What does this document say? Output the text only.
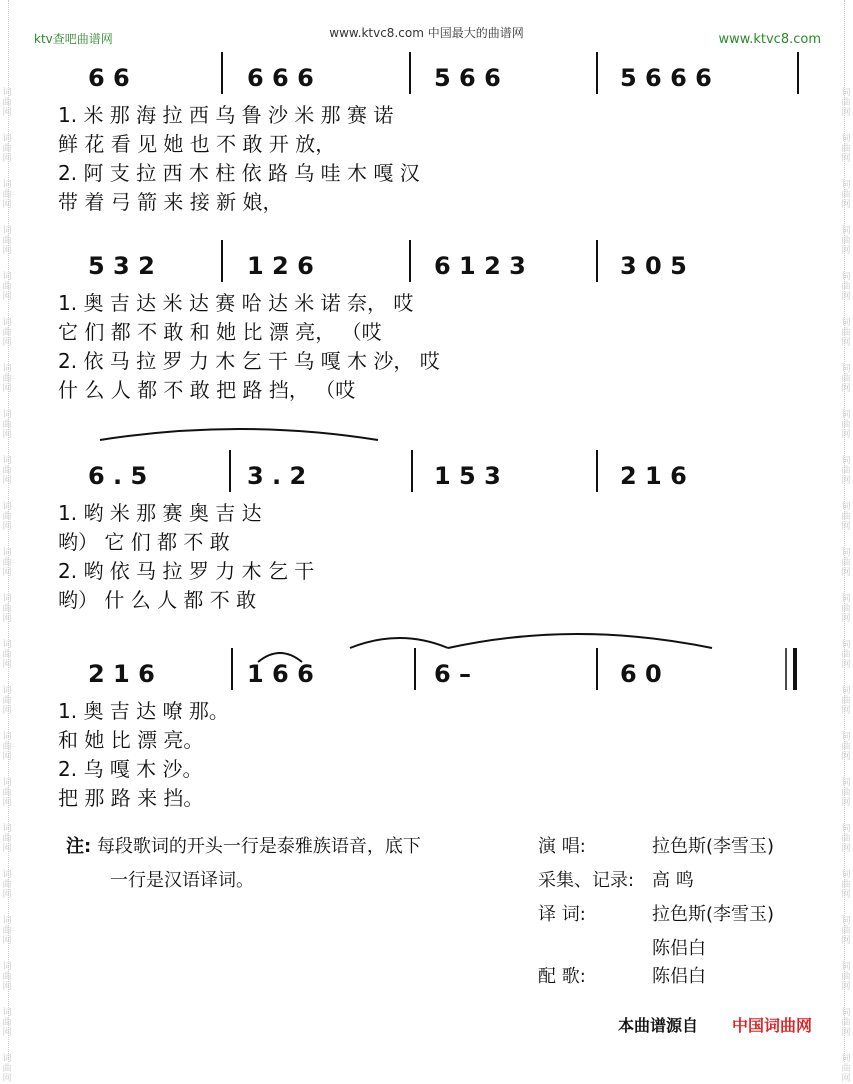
词
曲
网
词
曲
网
词
曲
网
词
曲
网
词
曲
网
词
曲
网
词
曲
网
词
曲
网
词
曲
网
词
曲
网
词
曲
网
词
曲
网
词
曲
网
词
曲
网
词
曲
网
词
曲
网
词
曲
网
词
曲
网
词
曲
网
词
曲
网
词
曲
网
词
曲
网
词
曲
网
词
曲
网
词
曲
网
词
曲
网
词
曲
网
词
曲
网
词
曲
网
词
曲
网
词
曲
网
词
曲
网
词
曲
网
词
曲
网
词
曲
网
词
曲
网
词
曲
网
词
曲
网
词
曲
网
词
曲
网
词
曲
网
词
曲
网
词
曲
网
词
曲
网
ktv查吧曲谱网	www.ktvc8.com 中国最大的曲谱网	www.ktvc8.com
6 6	6 6 6	5 6 6	5 6 6 6
1. 米 那 海 拉 西 乌 鲁 沙 米 那 赛 诺
鲜 花 看 见 她 也 不 敢 开 放，
2. 阿 支 拉 西 木 柱 依 路 乌 哇 木 嘎 汉
带 着 弓 箭 来 接 新 娘，
5 3 2	1 2 6	6 1 2 3	3 0 5
1. 奥 吉 达 米 达 赛 哈 达 米 诺 奈， 哎
它 们 都 不 敢 和 她 比 漂 亮， （哎
2. 依 马 拉 罗 力 木 乞 干 乌 嘎 木 沙， 哎
什 么 人 都 不 敢 把 路 挡， （哎
6 . 5	3 . 2	1 5 3	2 1 6
1. 哟 米 那 赛 奥 吉 达
哟） 它 们 都 不 敢
2. 哟 依 马 拉 罗 力 木 乞 干
哟） 什 么 人 都 不 敢
2 1 6	1 6 6	6 –	6 0
1. 奥 吉 达 嘹 那。
和 她 比 漂 亮。
2. 乌 嘎 木 沙。
把 那 路 来 挡。
注: 每段歌词的开头一行是泰雅族语音，底下
一行是汉语译词。
演 唱:	拉色斯(李雪玉)
采集、记录: 高 鸣
译 词:	拉色斯(李雪玉)
陈侣白
配 歌:	陈侣白
本曲谱源自 中国词曲网
